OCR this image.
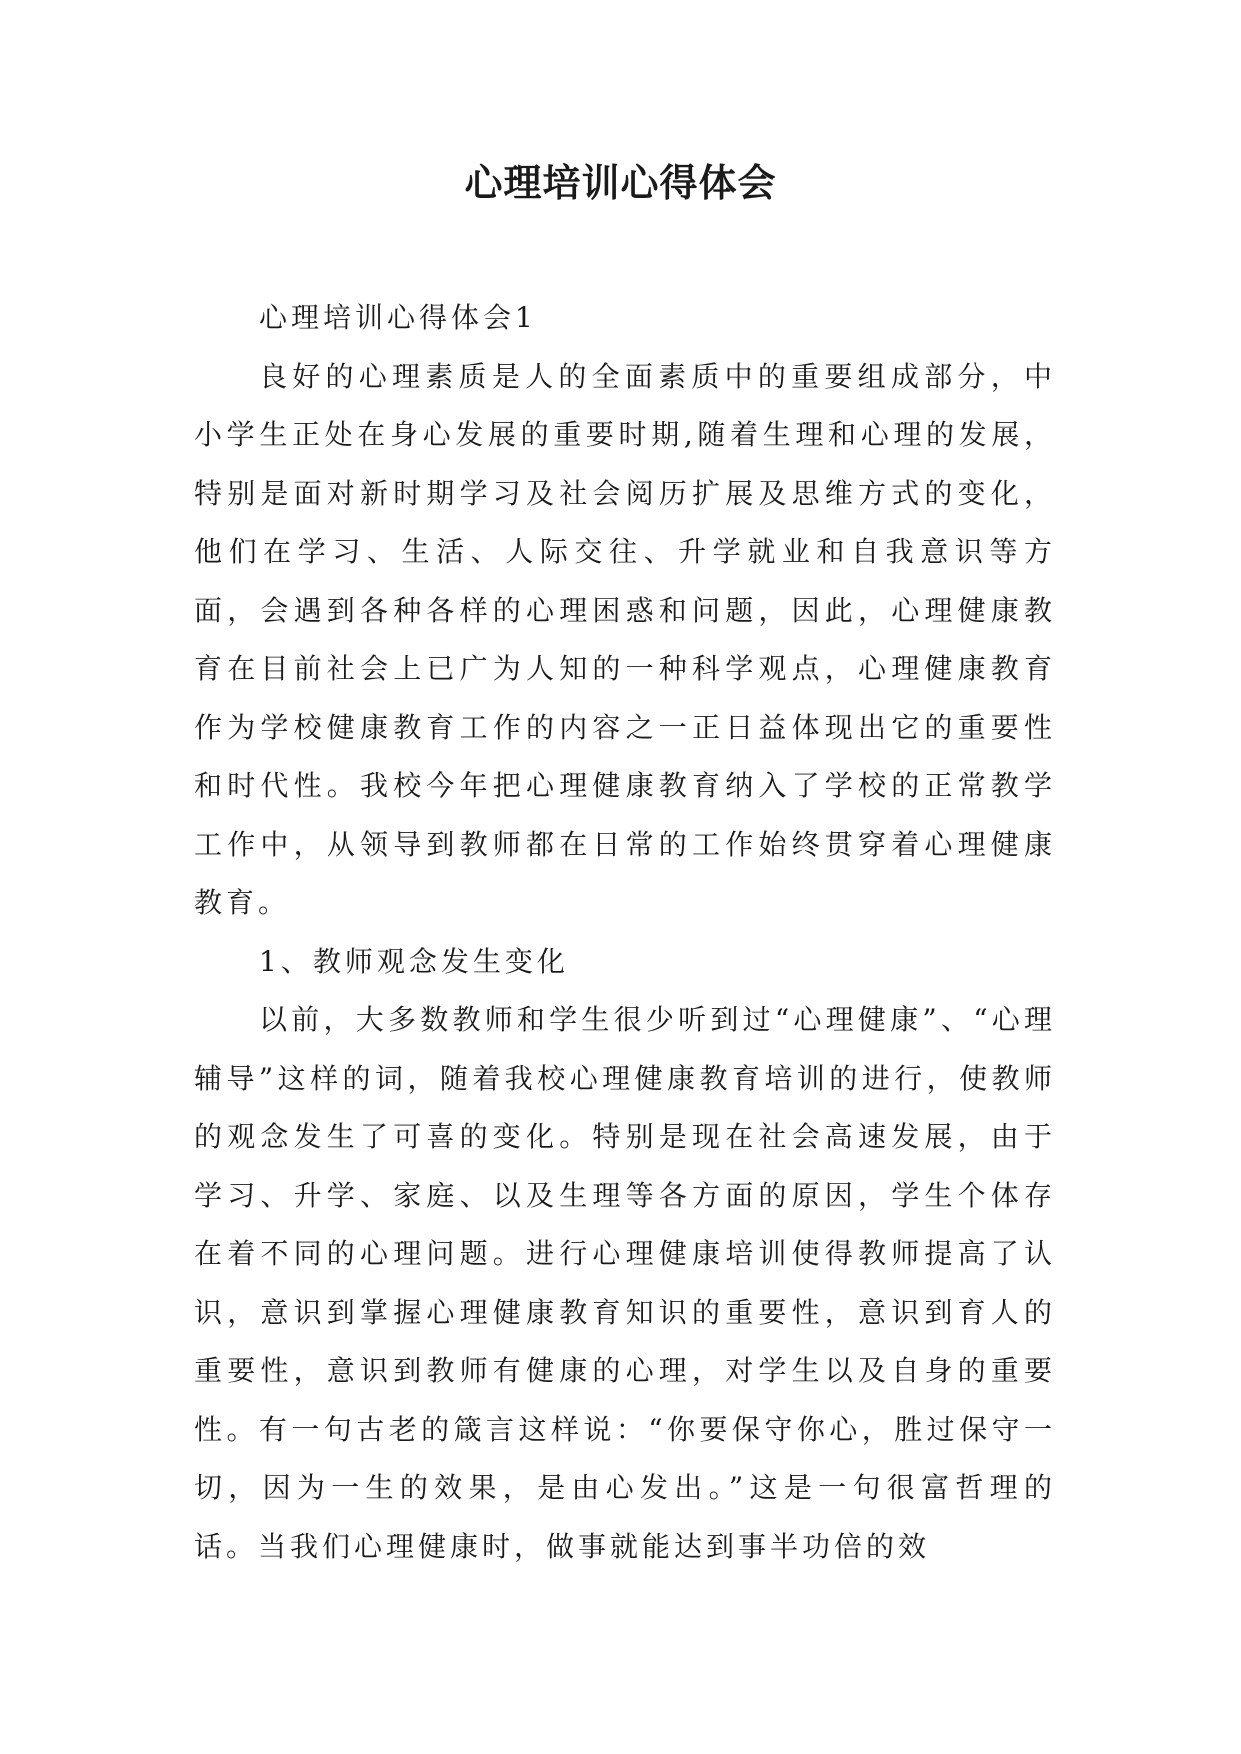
心理培训心得体会

心理培训心得体会1

良好的心理素质是人的全面素质中的重要组成部分，中小学生正处在身心发展的重要时期,随着生理和心理的发展，特别是面对新时期学习及社会阅历扩展及思维方式的变化，他们在学习、生活、人际交往、升学就业和自我意识等方面，会遇到各种各样的心理困惑和问题，因此，心理健康教育在目前社会上已广为人知的一种科学观点，心理健康教育作为学校健康教育工作的内容之一正日益体现出它的重要性和时代性。我校今年把心理健康教育纳入了学校的正常教学工作中，从领导到教师都在日常的工作始终贯穿着心理健康教育。

1、教师观念发生变化

以前，大多数教师和学生很少听到过“心理健康”、“心理辅导”这样的词，随着我校心理健康教育培训的进行，使教师的观念发生了可喜的变化。特别是现在社会高速发展，由于学习、升学、家庭、以及生理等各方面的原因，学生个体存在着不同的心理问题。进行心理健康培训使得教师提高了认识，意识到掌握心理健康教育知识的重要性，意识到育人的重要性，意识到教师有健康的心理，对学生以及自身的重要性。有一句古老的箴言这样说：“你要保守你心，胜过保守一切，因为一生的效果，是由心发出。”这是一句很富哲理的话。当我们心理健康时，做事就能达到事半功倍的效
